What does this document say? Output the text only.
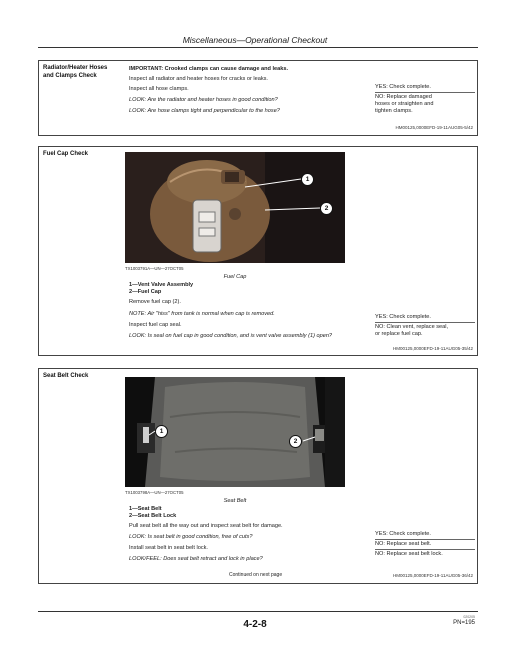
Miscellaneous—Operational Checkout
Radiator/Heater Hoses
and Clamps Check
IMPORTANT: Crooked clamps can cause damage and leaks.
Inspect all radiator and heater hoses for cracks or leaks.
Inspect all hose clamps.
LOOK: Are the radiator and heater hoses in good condition?
LOOK: Are hose clamps tight and perpendicular to the hose?
YES: Check complete.
NO: Replace damaged
hoses or straighten and
tighten clamps.
HM00125,0000EFD-19-11AUG05-5/42
Fuel Cap Check
1
2
TX1003791A—UN—27OCT05
Fuel Cap
1—Vent Valve Assembly
2—Fuel Cap
Remove fuel cap (2).
NOTE: Air "hiss" from tank is normal when cap is removed.
Inspect fuel cap seal.
LOOK: Is seal on fuel cap in good condition, and is vent valve assembly (1) open?
YES: Check complete.
NO: Clean vent, replace seal,
or replace fuel cap.
HM00125,0000EFD-19-11AUG05-35/42
Seat Belt Check
1
2
TX1003798A—UN—27OCT05
Seat Belt
1—Seat Belt
2—Seat Belt Lock
Pull seat belt all the way out and inspect seat belt for damage.
LOOK: Is seat belt in good condition, free of cuts?
Install seat belt in seat belt lock.
LOOK/FEEL: Does seat belt retract and lock in place?
YES: Check complete.
NO: Replace seat belt.
NO: Replace seat belt lock.
Continued on next page	HM00125,0000EFD-19-11AUG05-36/42
020205
4-2-8	PN=195
